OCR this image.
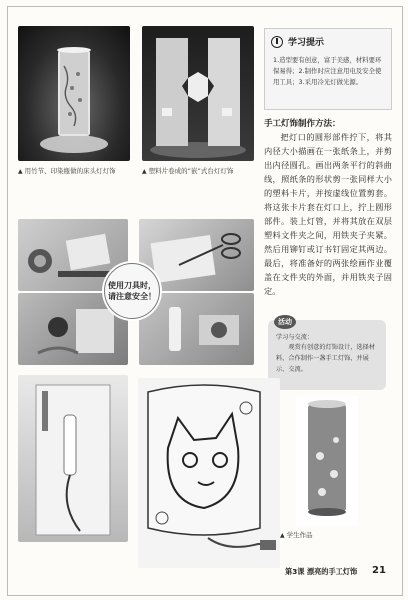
▲ 用竹节、印染瓶做的床头灯灯饰	▲ 塑料片卷成的“嵌”式台灯灯饰
学习提示
1.造型要有创意，富于美感，材料要环保易得；2.制作时应注意用电及安全使用工具；3.采用冷光灯做光源。
手工灯饰制作方法：
把灯口的圆形部件拧下，将其内径大小描画在一张纸条上，并剪出内径圆孔。画出两条平行的斜曲线，照纸条的形状剪一张同样大小的塑料卡片，并按虚线位置剪套。将这张卡片套在灯口上，拧上圆形部件。装上灯管，并将其放在双层塑料文件夹之间，用铁夹子夹紧。然后用铆钉或订书钉固定其两边。最后，将准备好的两张绘画作业覆盖在文件夹的外面，并用铁夹子固定。
使用刀具时，请注意安全！
活动
学习与交流：
观赏有创意的灯饰设计，选择材料，合作制作一盏手工灯饰，并展示、交流。
▲ 学生作品
第3课 漂亮的手工灯饰 21
